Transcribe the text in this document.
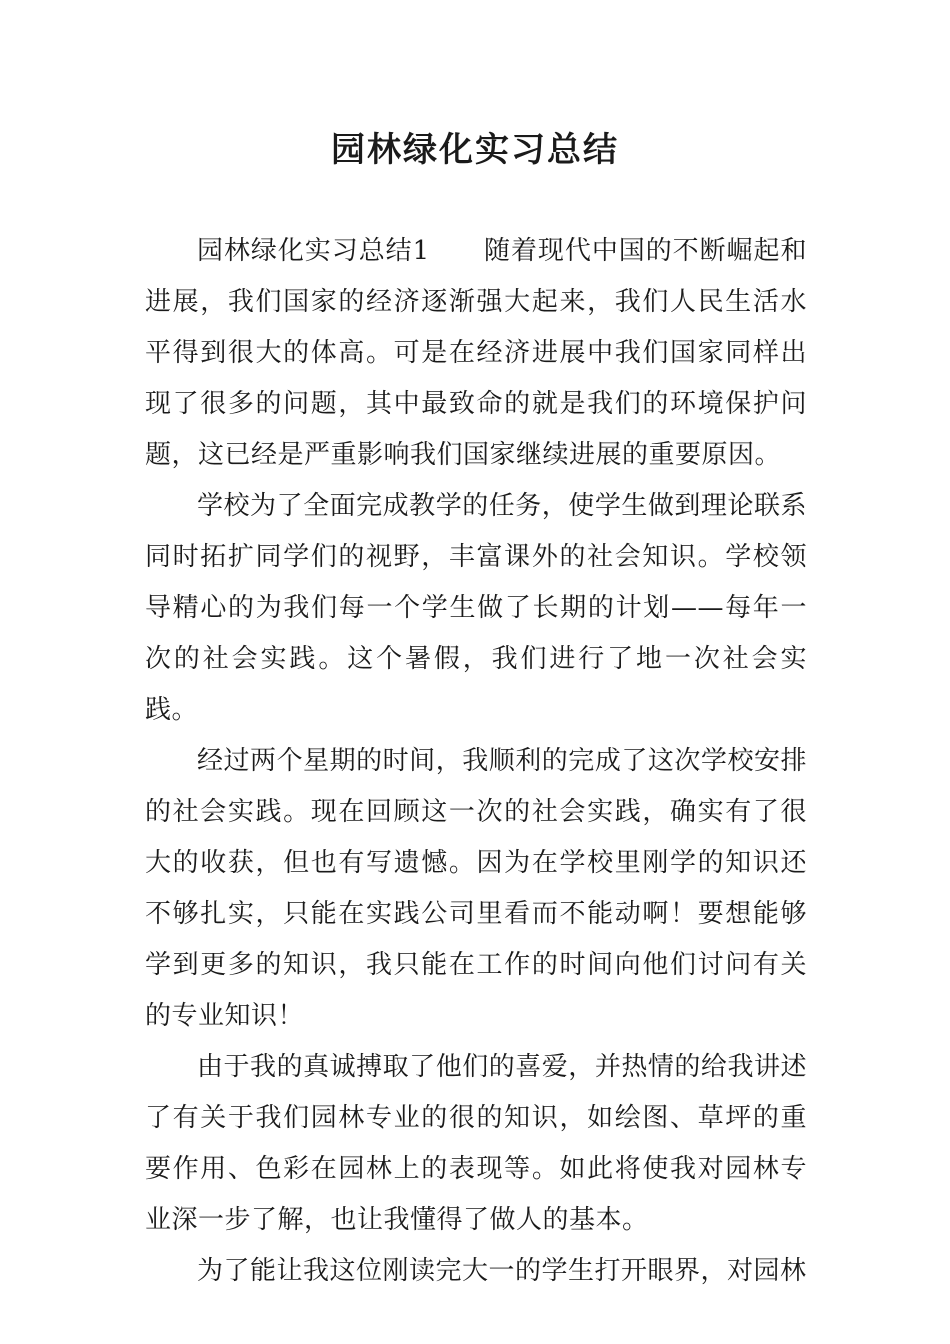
园林绿化实习总结

园林绿化实习总结1　　随着现代中国的不断崛起和进展，我们国家的经济逐渐强大起来，我们人民生活水平得到很大的体高。可是在经济进展中我们国家同样出现了很多的问题，其中最致命的就是我们的环境保护问题，这已经是严重影响我们国家继续进展的重要原因。

学校为了全面完成教学的任务，使学生做到理论联系同时拓扩同学们的视野，丰富课外的社会知识。学校领导精心的为我们每一个学生做了长期的计划——每年一次的社会实践。这个暑假，我们进行了地一次社会实践。

经过两个星期的时间，我顺利的完成了这次学校安排的社会实践。现在回顾这一次的社会实践，确实有了很大的收获，但也有写遗憾。因为在学校里刚学的知识还不够扎实，只能在实践公司里看而不能动啊！要想能够学到更多的知识，我只能在工作的时间向他们讨问有关的专业知识！

由于我的真诚搏取了他们的喜爱，并热情的给我讲述了有关于我们园林专业的很的知识，如绘图、草坪的重要作用、色彩在园林上的表现等。如此将使我对园林专业深一步了解，也让我懂得了做人的基本。

为了能让我这位刚读完大一的学生打开眼界，对园林
